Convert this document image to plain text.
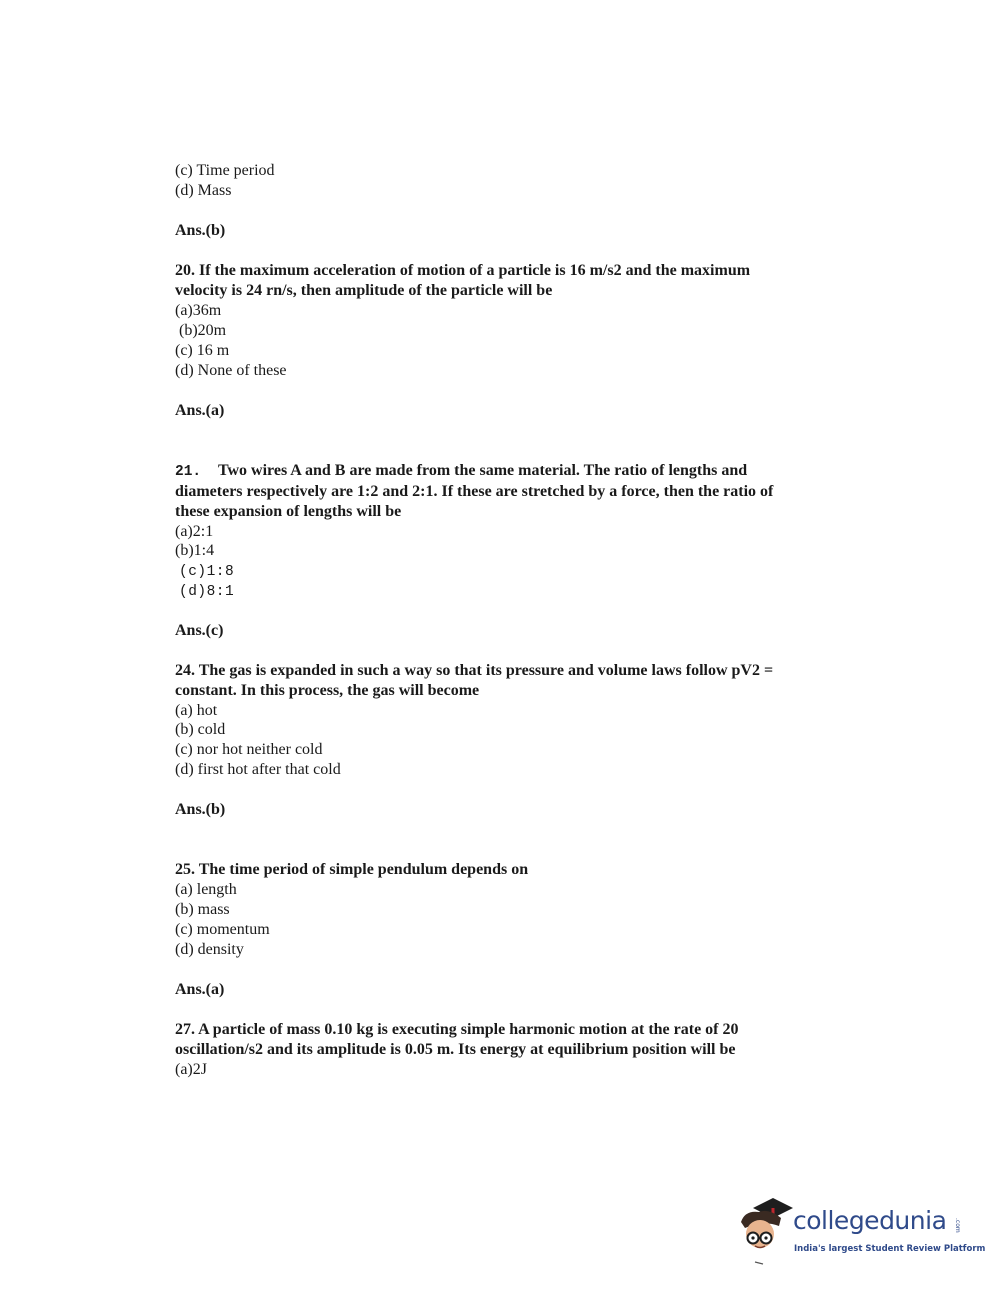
(c) Time period
(d) Mass
Ans.(b)
20. If the maximum acceleration of motion of a particle is 16 m/s2 and the maximum
velocity is 24 rn/s, then amplitude of the particle will be
(a)36m
(b)20m
(c) 16 m
(d) None of these
Ans.(a)
21. Two wires A and B are made from the same material. The ratio of lengths and
diameters respectively are 1:2 and 2:1. If these are stretched by a force, then the ratio of
these expansion of lengths will be
(a)2:1
(b)1:4
(c)1:8
(d)8:1
Ans.(c)
24. The gas is expanded in such a way so that its pressure and volume laws follow pV2 =
constant. In this process, the gas will become
(a) hot
(b) cold
(c) nor hot neither cold
(d) first hot after that cold
Ans.(b)
25. The time period of simple pendulum depends on
(a) length
(b) mass
(c) momentum
(d) density
Ans.(a)
27. A particle of mass 0.10 kg is executing simple harmonic motion at the rate of 20
oscillation/s2 and its amplitude is 0.05 m. Its energy at equilibrium position will be
(a)2J
collegedunia .com
India's largest Student Review Platform
